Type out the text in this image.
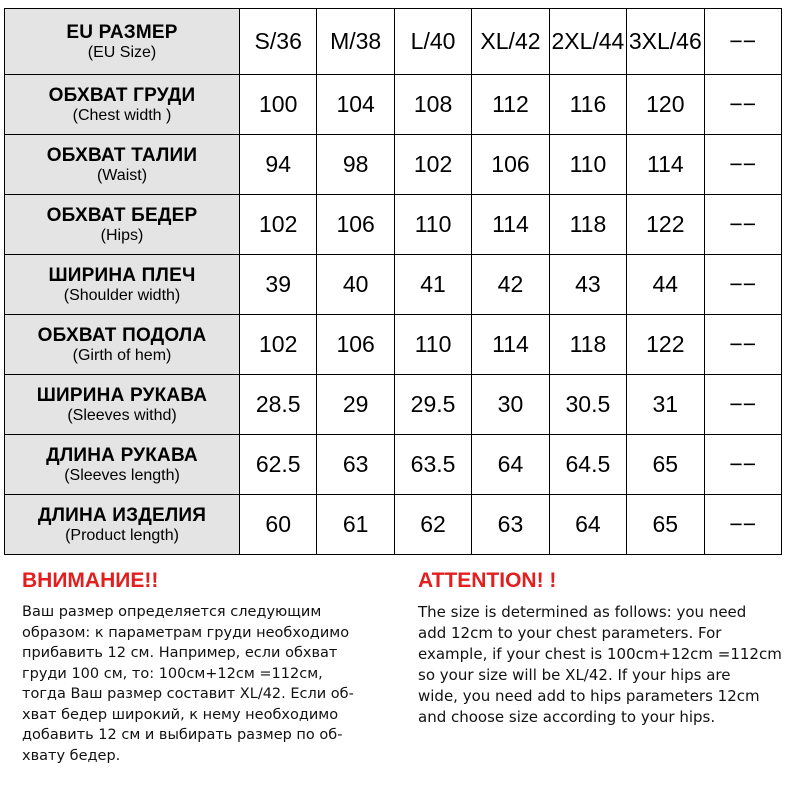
EU РАЗМЕР
(EU Size)	S/36	M/38	L/40	XL/42	2XL/44	3XL/46	−−

ОБХВАТ ГРУДИ
(Chest width )	100	104	108	112	116	120	−−

ОБХВАТ ТАЛИИ
(Waist)	94	98	102	106	110	114	−−

ОБХВАТ БЕДЕР
(Hips)	102	106	110	114	118	122	−−

ШИРИНА ПЛЕЧ
(Shoulder width)	39	40	41	42	43	44	−−

ОБХВАТ ПОДОЛА
(Girth of hem)	102	106	110	114	118	122	−−

ШИРИНА РУКАВА
(Sleeves withd)	28.5	29	29.5	30	30.5	31	−−

ДЛИНА РУКАВА
(Sleeves length)	62.5	63	63.5	64	64.5	65	−−

ДЛИНА ИЗДЕЛИЯ
(Product length)	60	61	62	63	64	65	−−
ВНИМАНИЕ!!
Ваш размер определяется следующим
образом: к параметрам груди необходимо
прибавить 12 см. Например, если обхват
груди 100 см, то: 100см+12см =112см,
тогда Ваш размер составит XL/42. Если об-
хват бедер широкий, к нему необходимо
добавить 12 см и выбирать размер по об-
хвату бедер.
ATTENTION! !
The size is determined as follows: you need
add 12cm to your chest parameters. For
example, if your chest is 100cm+12cm =112cm
so your size will be XL/42. If your hips are
wide, you need add to hips parameters 12cm
and choose size according to your hips.
